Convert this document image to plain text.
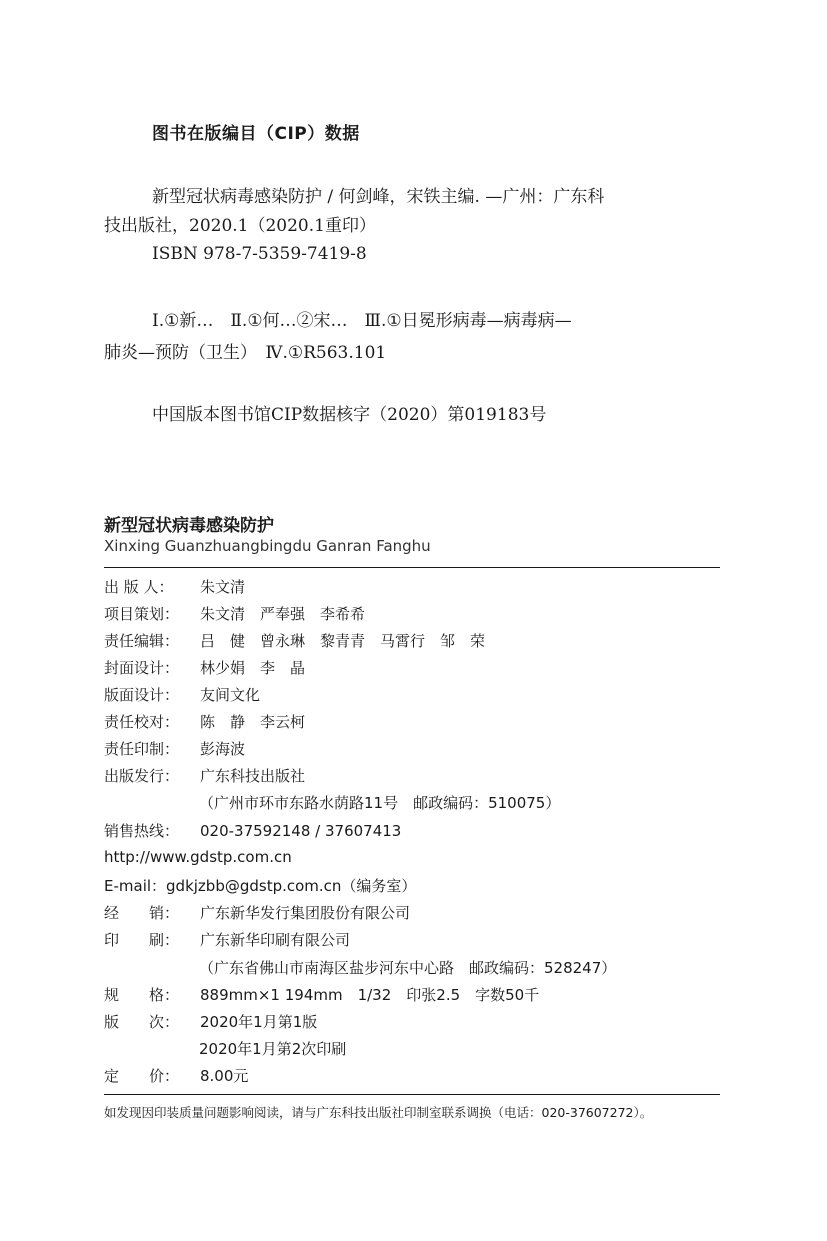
图书在版编目（CIP）数据
新型冠状病毒感染防护 / 何剑峰，宋铁主编. —广州：广东科
技出版社，2020.1（2020.1重印）
ISBN 978-7-5359-7419-8
Ⅰ.①新…　Ⅱ.①何…②宋…　Ⅲ.①日冕形病毒—病毒病—
肺炎—预防（卫生）　Ⅳ.①R563.101
中国版本图书馆CIP数据核字（2020）第019183号
新型冠状病毒感染防护
Xinxing Guanzhuangbingdu Ganran Fanghu
出 版 人： 朱文清
项目策划： 朱文清　严奉强　李希希
责任编辑： 吕　健　曾永琳　黎青青　马霄行　邹　荣
封面设计： 林少娟　李　晶
版面设计： 友间文化
责任校对： 陈　静　李云柯
责任印制： 彭海波
出版发行： 广东科技出版社
（广州市环市东路水荫路11号　邮政编码：510075）
销售热线： 020-37592148 / 37607413
http://www.gdstp.com.cn
E-mail：gdkjzbb@gdstp.com.cn（编务室）
经　　销： 广东新华发行集团股份有限公司
印　　刷： 广东新华印刷有限公司
（广东省佛山市南海区盐步河东中心路　邮政编码：528247）
规　　格： 889mm×1 194mm　1/32　印张2.5　字数50千
版　　次： 2020年1月第1版
2020年1月第2次印刷
定　　价： 8.00元
如发现因印装质量问题影响阅读，请与广东科技出版社印制室联系调换（电话：020-37607272）。
